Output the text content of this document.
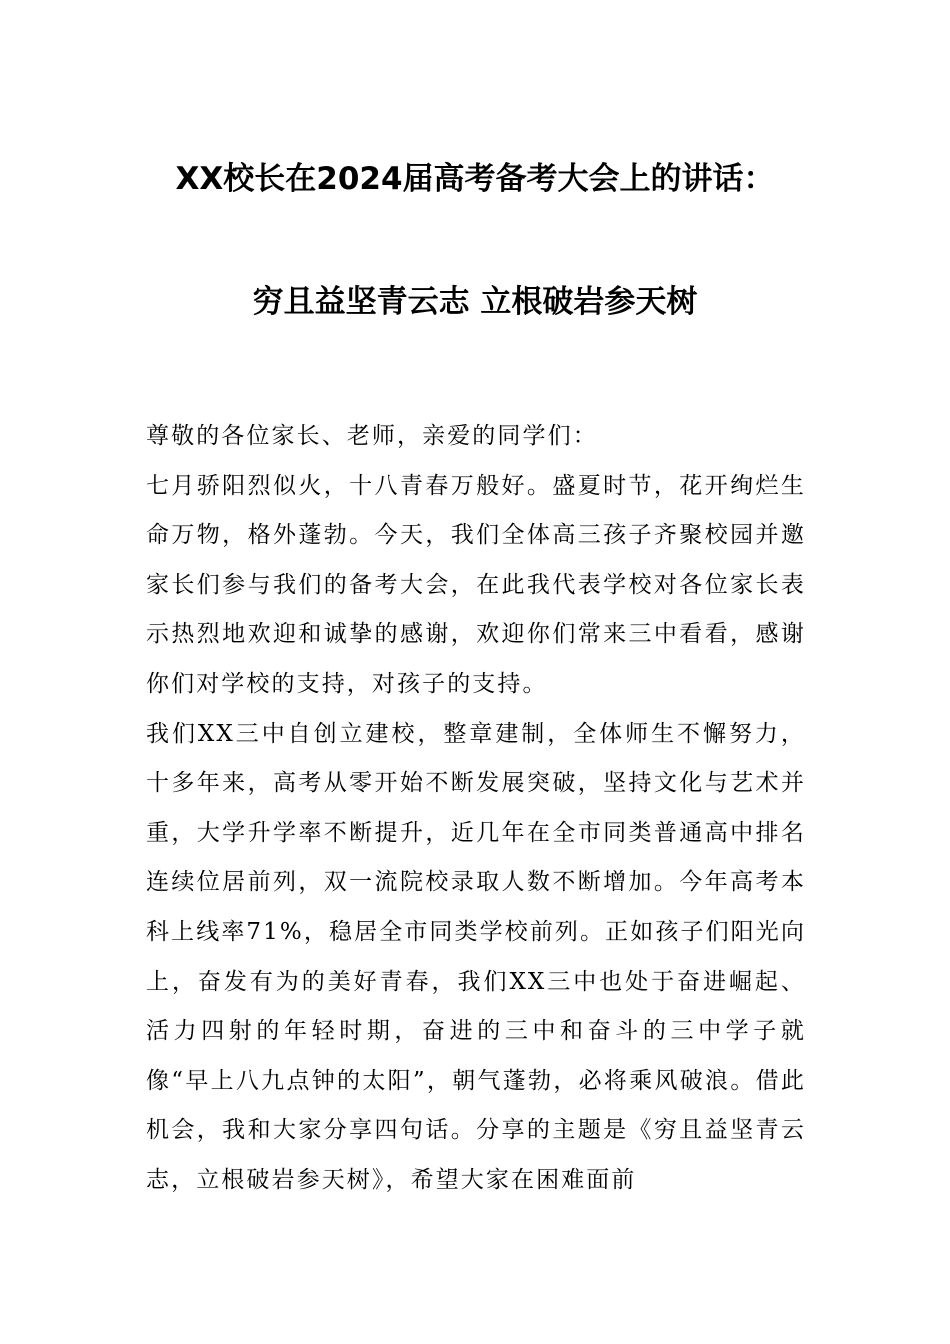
XX校长在2024届高考备考大会上的讲话：
穷且益坚青云志 立根破岩参天树

尊敬的各位家长、老师，亲爱的同学们：

七月骄阳烈似火，十八青春万般好。盛夏时节，花开绚烂生命万物，格外蓬勃。今天，我们全体高三孩子齐聚校园并邀家长们参与我们的备考大会，在此我代表学校对各位家长表示热烈地欢迎和诚挚的感谢，欢迎你们常来三中看看，感谢你们对学校的支持，对孩子的支持。

我们XX三中自创立建校，整章建制，全体师生不懈努力，十多年来，高考从零开始不断发展突破，坚持文化与艺术并重，大学升学率不断提升，近几年在全市同类普通高中排名连续位居前列，双一流院校录取人数不断增加。今年高考本科上线率71%，稳居全市同类学校前列。正如孩子们阳光向上，奋发有为的美好青春，我们XX三中也处于奋进崛起、活力四射的年轻时期，奋进的三中和奋斗的三中学子就像“早上八九点钟的太阳”，朝气蓬勃，必将乘风破浪。借此机会，我和大家分享四句话。分享的主题是《穷且益坚青云志，立根破岩参天树》，希望大家在困难面前
